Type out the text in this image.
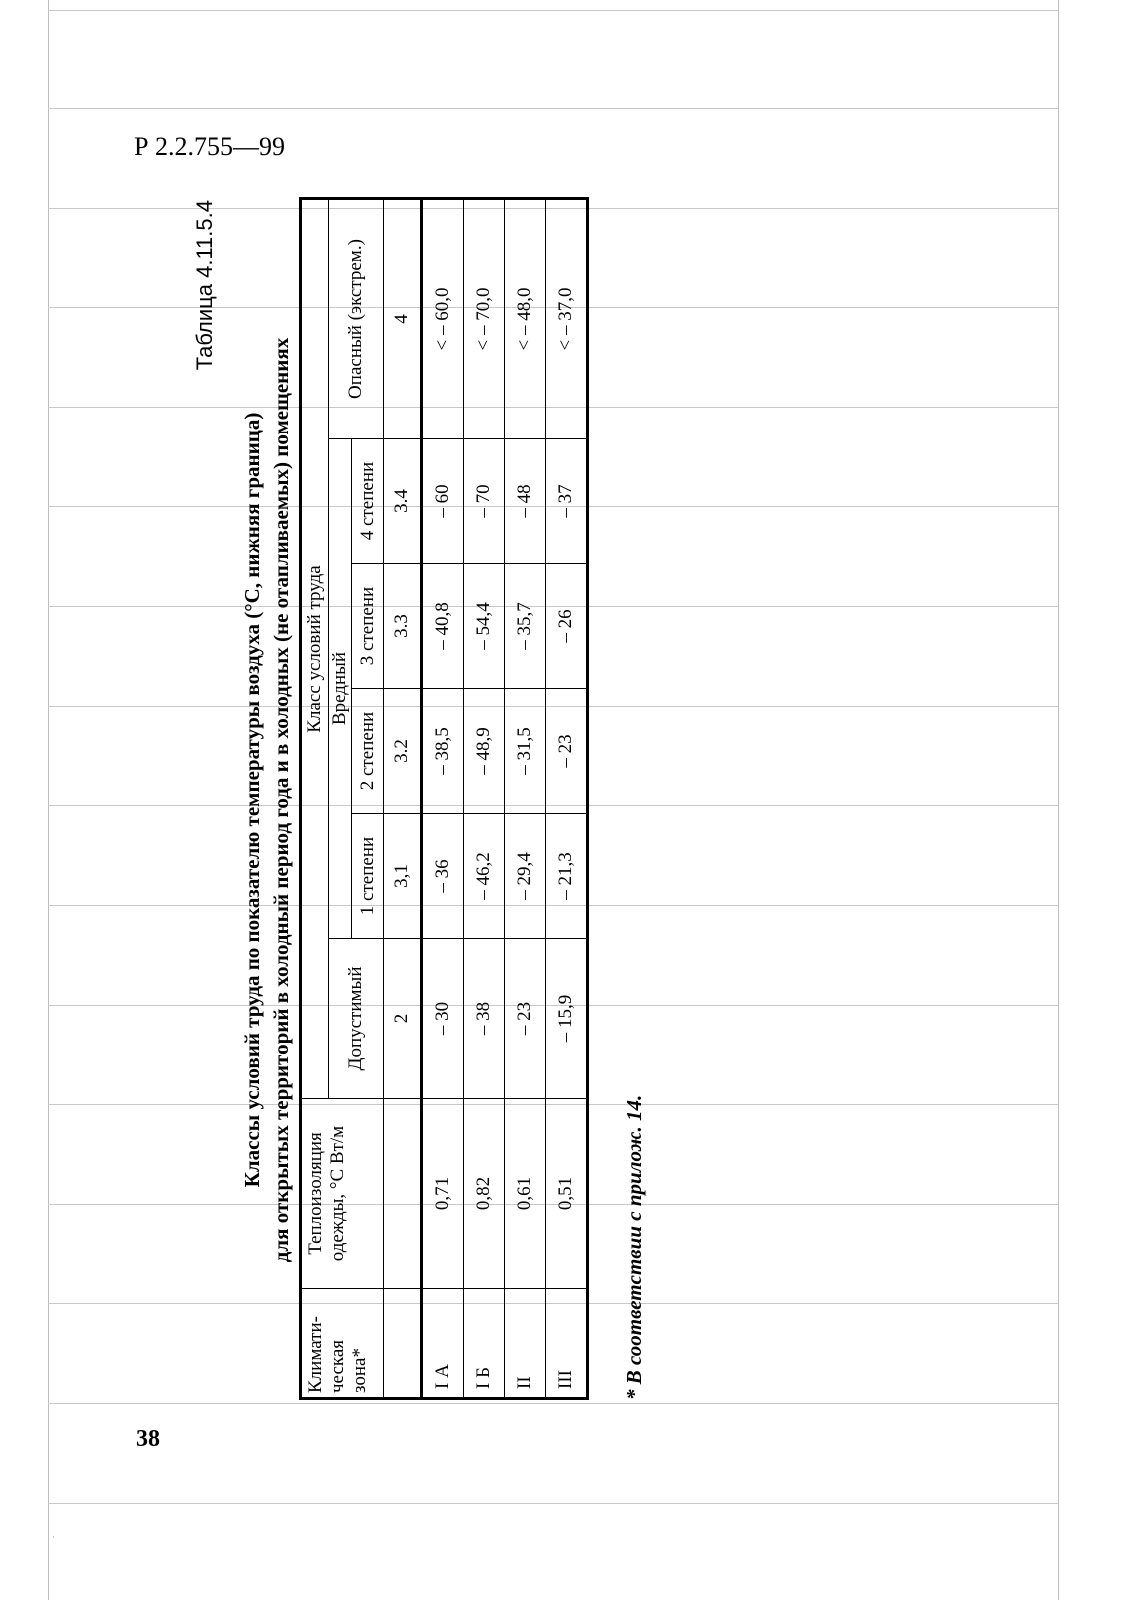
Р 2.2.755—99
Таблица 4.11.5.4
Классы условий труда по показателю температуры воздуха (°С, нижняя граница) для открытых территорий в холодный период года и в холодных (не отапливаемых) помещениях
Климати-ческая зона*	Теплоизоляция одежды, °С Вт/м	Класс условий труда					
		Допустимый	Вредный				Опасный (экстрем.)
			1 степени	2 степени	3 степени	4 степени	
		2	3,1	3.2	3.3	3.4	4
I А	0,71	– 30	– 36	– 38,5	– 40,8	– 60	< – 60,0
I Б	0,82	– 38	– 46,2	– 48,9	– 54,4	– 70	< – 70,0
II	0,61	– 23	– 29,4	– 31,5	– 35,7	– 48	< – 48,0
III	0,51	– 15,9	– 21,3	– 23	– 26	– 37	< – 37,0
* В соответствии с прилож. 14.
38
·
